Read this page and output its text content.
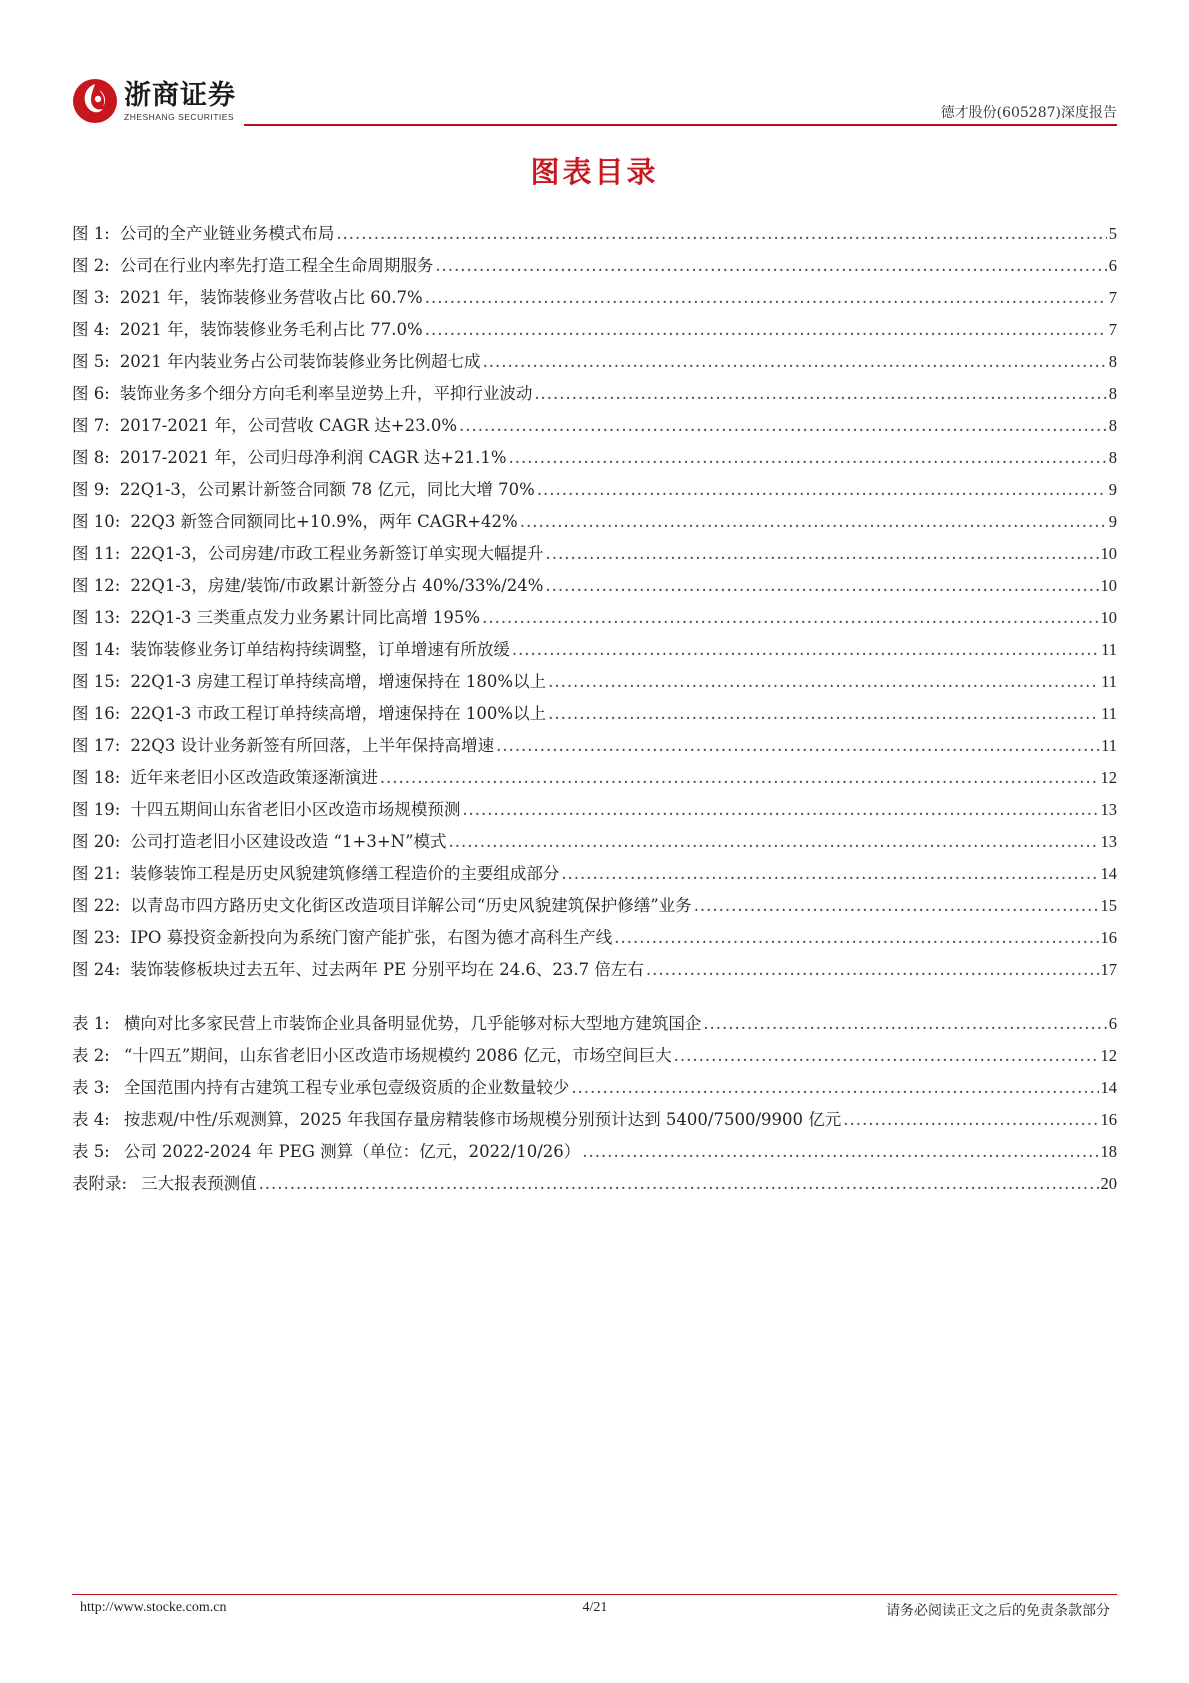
浙商证券
ZHESHANG SECURITIES	德才股份(605287)深度报告
图表目录
图 1: 公司的全产业链业务模式布局 .....	5
图 2: 公司在行业内率先打造工程全生命周期服务 .....	6
图 3: 2021 年，装饰装修业务营收占比 60.7% .....	7
图 4: 2021 年，装饰装修业务毛利占比 77.0% .....	7
图 5: 2021 年内装业务占公司装饰装修业务比例超七成 .....	8
图 6: 装饰业务多个细分方向毛利率呈逆势上升，平抑行业波动 .....	8
图 7: 2017-2021 年，公司营收 CAGR 达+23.0% .....	8
图 8: 2017-2021 年，公司归母净利润 CAGR 达+21.1% .....	8
图 9: 22Q1-3，公司累计新签合同额 78 亿元，同比大增 70% .....	9
图 10: 22Q3 新签合同额同比+10.9%，两年 CAGR+42% .....	9
图 11: 22Q1-3，公司房建/市政工程业务新签订单实现大幅提升 .....	10
图 12: 22Q1-3，房建/装饰/市政累计新签分占 40%/33%/24% .....	10
图 13: 22Q1-3 三类重点发力业务累计同比高增 195% .....	10
图 14: 装饰装修业务订单结构持续调整，订单增速有所放缓 .....	11
图 15: 22Q1-3 房建工程订单持续高增，增速保持在 180%以上 .....	11
图 16: 22Q1-3 市政工程订单持续高增，增速保持在 100%以上 .....	11
图 17: 22Q3 设计业务新签有所回落，上半年保持高增速 .....	11
图 18: 近年来老旧小区改造政策逐渐演进 .....	12
图 19: 十四五期间山东省老旧小区改造市场规模预测 .....	13
图 20: 公司打造老旧小区建设改造 “1+3+N”模式 .....	13
图 21: 装修装饰工程是历史风貌建筑修缮工程造价的主要组成部分 .....	14
图 22: 以青岛市四方路历史文化街区改造项目详解公司“历史风貌建筑保护修缮”业务 .....	15
图 23: IPO 募投资金新投向为系统门窗产能扩张，右图为德才高科生产线 .....	16
图 24: 装饰装修板块过去五年、过去两年 PE 分别平均在 24.6、23.7 倍左右 .....	17
表 1: 横向对比多家民营上市装饰企业具备明显优势，几乎能够对标大型地方建筑国企 .....	6
表 2: “十四五”期间，山东省老旧小区改造市场规模约 2086 亿元，市场空间巨大 .....	12
表 3: 全国范围内持有古建筑工程专业承包壹级资质的企业数量较少 .....	14
表 4: 按悲观/中性/乐观测算，2025 年我国存量房精装修市场规模分别预计达到 5400/7500/9900 亿元 .....	16
表 5: 公司 2022-2024 年 PEG 测算（单位：亿元，2022/10/26） .....	18
表附录: 三大报表预测值 .....	20
http://www.stocke.com.cn	4/21	请务必阅读正文之后的免责条款部分
